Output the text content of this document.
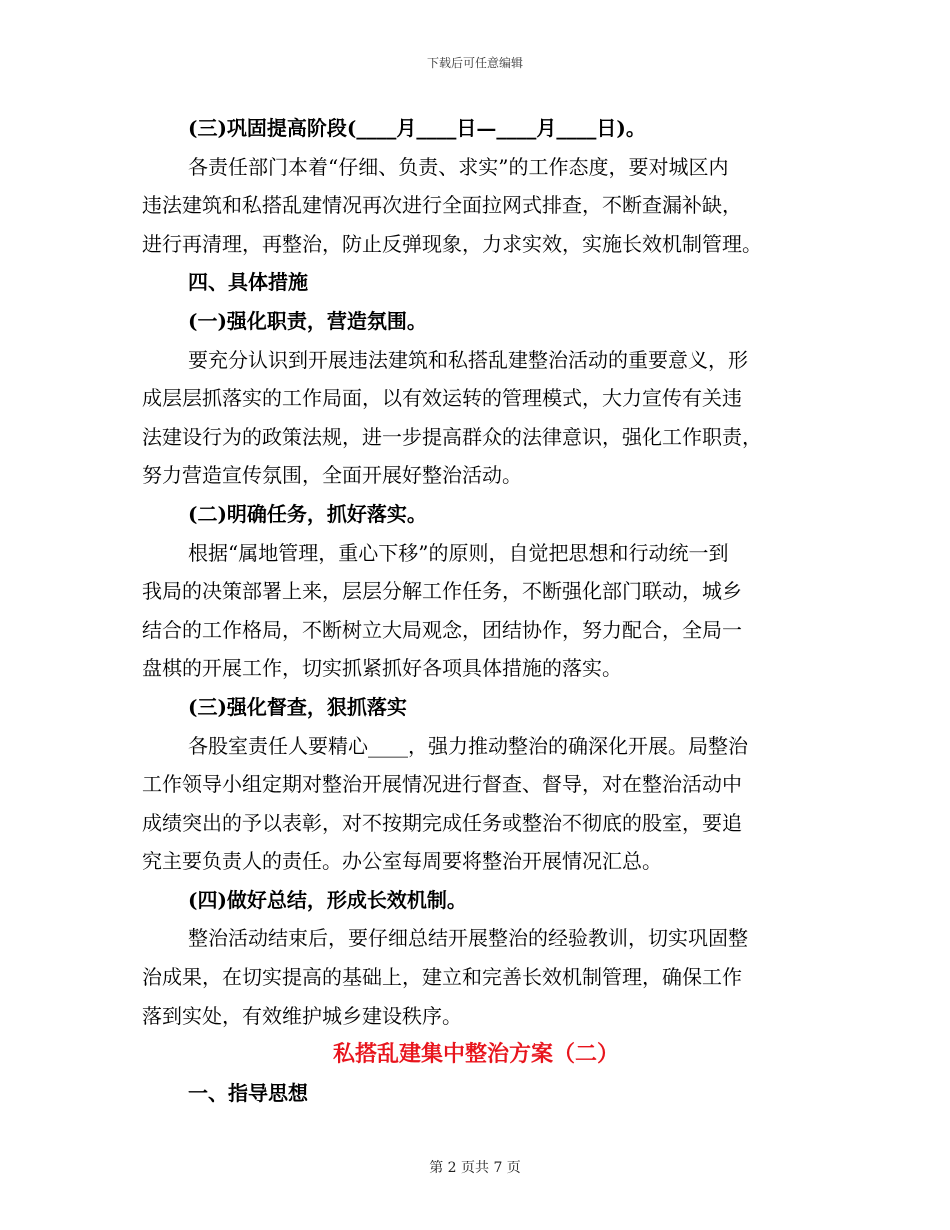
下载后可任意编辑
(三)巩固提高阶段(____月____日—____月____日)。
各责任部门本着“仔细、负责、求实”的工作态度，要对城区内
违法建筑和私搭乱建情况再次进行全面拉网式排查，不断查漏补缺，
进行再清理，再整治，防止反弹现象，力求实效，实施长效机制管理。
四、具体措施
(一)强化职责，营造氛围。
要充分认识到开展违法建筑和私搭乱建整治活动的重要意义，形
成层层抓落实的工作局面，以有效运转的管理模式，大力宣传有关违
法建设行为的政策法规，进一步提高群众的法律意识，强化工作职责，
努力营造宣传氛围，全面开展好整治活动。
(二)明确任务，抓好落实。
根据“属地管理，重心下移”的原则，自觉把思想和行动统一到
我局的决策部署上来，层层分解工作任务，不断强化部门联动，城乡
结合的工作格局，不断树立大局观念，团结协作，努力配合，全局一
盘棋的开展工作，切实抓紧抓好各项具体措施的落实。
(三)强化督查，狠抓落实
各股室责任人要精心____，强力推动整治的确深化开展。局整治
工作领导小组定期对整治开展情况进行督查、督导，对在整治活动中
成绩突出的予以表彰，对不按期完成任务或整治不彻底的股室，要追
究主要负责人的责任。办公室每周要将整治开展情况汇总。
(四)做好总结，形成长效机制。
整治活动结束后，要仔细总结开展整治的经验教训，切实巩固整
治成果，在切实提高的基础上，建立和完善长效机制管理，确保工作
落到实处，有效维护城乡建设秩序。
私搭乱建集中整治方案（二）
一、指导思想
第 2 页共 7 页
